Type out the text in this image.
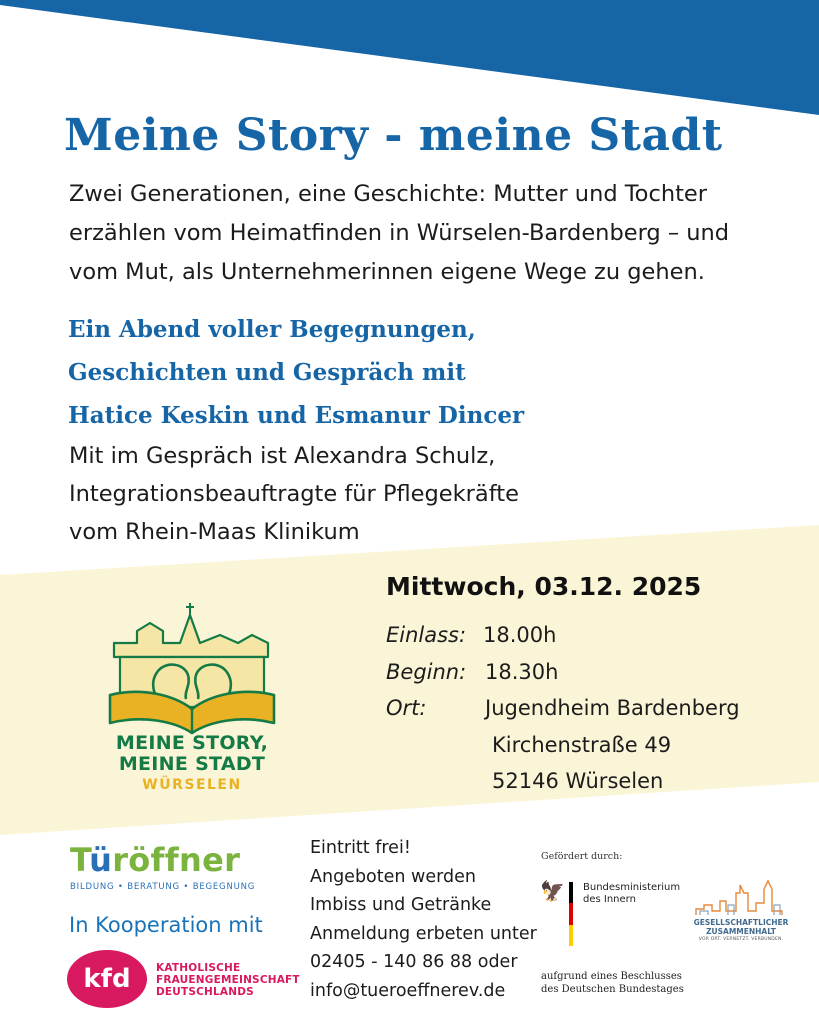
Meine Story - meine Stadt
Zwei Generationen, eine Geschichte: Mutter und Tochter
erzählen vom Heimatfinden in Würselen-Bardenberg – und
vom Mut, als Unternehmerinnen eigene Wege zu gehen.
Ein Abend voller Begegnungen,
Geschichten und Gespräch mit
Hatice Keskin und Esmanur Dincer
Mit im Gespräch ist Alexandra Schulz,
Integrationsbeauftragte für Pflegekräfte
vom Rhein-Maas Klinikum
MEINE STORY,
MEINE STADT
WÜRSELEN
Mittwoch, 03.12. 2025
Einlass: 18.00h
Beginn: 18.30h
Ort:	Jugendheim Bardenberg
Kirchenstraße 49
52146 Würselen
Türöffner
BILDUNG • BERATUNG • BEGEGNUNG
In Kooperation mit
kfd	KATHOLISCHE
FRAUENGEMEINSCHAFT
DEUTSCHLANDS
Eintritt frei!
Angeboten werden
Imbiss und Getränke
Anmeldung erbeten unter
02405 - 140 86 88 oder
info@tueroeffnerev.de
Gefördert durch:
🦅 Bundesministerium
des Innern
aufgrund eines Beschlusses
des Deutschen Bundestages
GESELLSCHAFTLICHER
ZUSAMMENHALT
VOR ORT. VERNETZT. VERBUNDEN.
